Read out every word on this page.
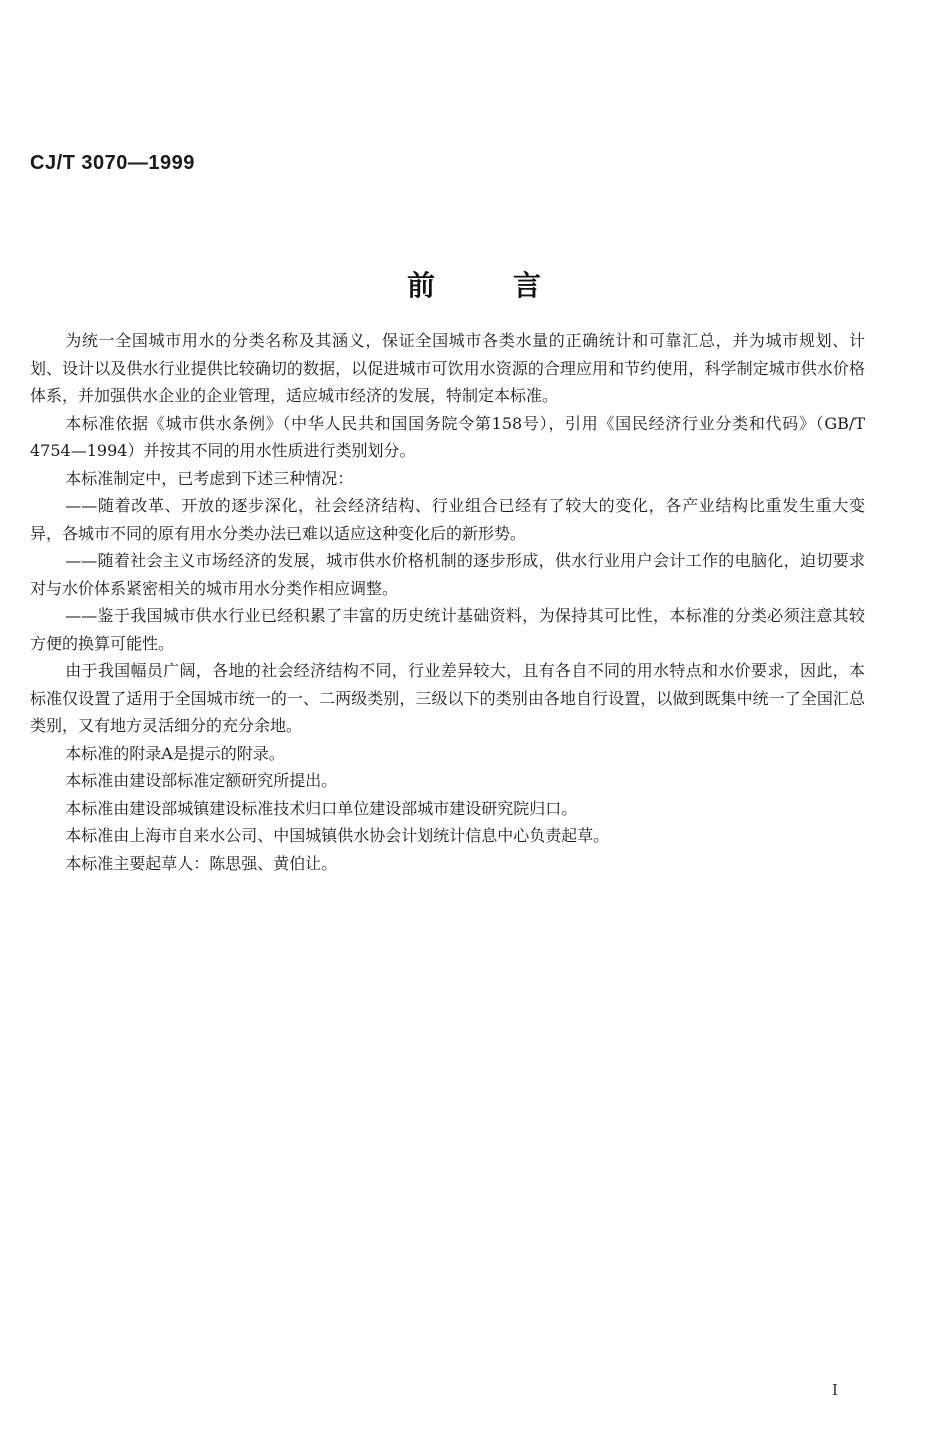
CJ/T 3070—1999
前	言

为统一全国城市用水的分类名称及其涵义，保证全国城市各类水量的正确统计和可靠汇总，并为城市规划、计划、设计以及供水行业提供比较确切的数据，以促进城市可饮用水资源的合理应用和节约使用，科学制定城市供水价格体系，并加强供水企业的企业管理，适应城市经济的发展，特制定本标准。

本标准依据《城市供水条例》（中华人民共和国国务院令第158号），引用《国民经济行业分类和代码》（GB/T 4754—1994）并按其不同的用水性质进行类别划分。

本标准制定中，已考虑到下述三种情况：

——随着改革、开放的逐步深化，社会经济结构、行业组合已经有了较大的变化，各产业结构比重发生重大变异，各城市不同的原有用水分类办法已难以适应这种变化后的新形势。

——随着社会主义市场经济的发展，城市供水价格机制的逐步形成，供水行业用户会计工作的电脑化，迫切要求对与水价体系紧密相关的城市用水分类作相应调整。

——鉴于我国城市供水行业已经积累了丰富的历史统计基础资料，为保持其可比性，本标准的分类必须注意其较方便的换算可能性。

由于我国幅员广阔，各地的社会经济结构不同，行业差异较大，且有各自不同的用水特点和水价要求，因此，本标准仅设置了适用于全国城市统一的一、二两级类别，三级以下的类别由各地自行设置，以做到既集中统一了全国汇总类别，又有地方灵活细分的充分余地。

本标准的附录A是提示的附录。

本标准由建设部标准定额研究所提出。

本标准由建设部城镇建设标准技术归口单位建设部城市建设研究院归口。

本标准由上海市自来水公司、中国城镇供水协会计划统计信息中心负责起草。

本标准主要起草人：陈思强、黄伯让。

I
